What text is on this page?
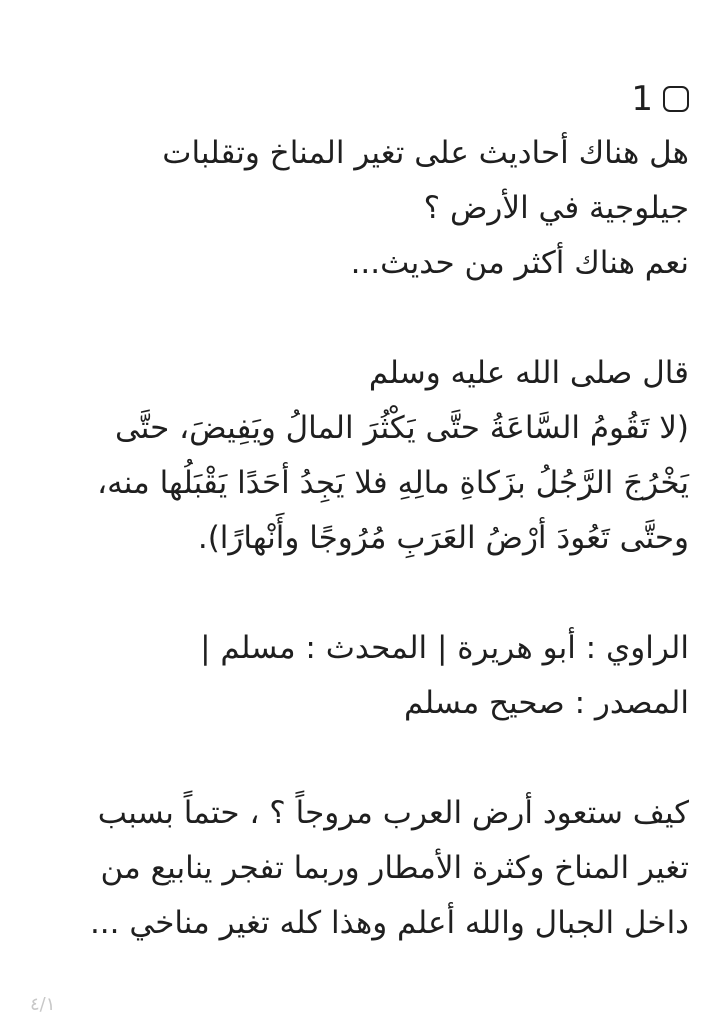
1
هل هناك أحاديث على تغير المناخ وتقلبات
جيلوجية في الأرض ؟
نعم هناك أكثر من حديث...
قال صلى الله عليه وسلم
(لا تَقُومُ السَّاعَةُ حتَّى يَكْثُرَ المالُ ويَفِيضَ، حتَّى
يَخْرُجَ الرَّجُلُ بزَكاةِ مالِهِ فلا يَجِدُ أحَدًا يَقْبَلُها منه،
وحتَّى تَعُودَ أرْضُ العَرَبِ مُرُوجًا وأَنْهارًا).
الراوي : أبو هريرة | المحدث : مسلم |
المصدر : صحيح مسلم
كيف ستعود أرض العرب مروجاً ؟ ، حتماً بسبب
تغير المناخ وكثرة الأمطار وربما تفجر ينابيع من
داخل الجبال والله أعلم وهذا كله تغير مناخي ...
٤/١
